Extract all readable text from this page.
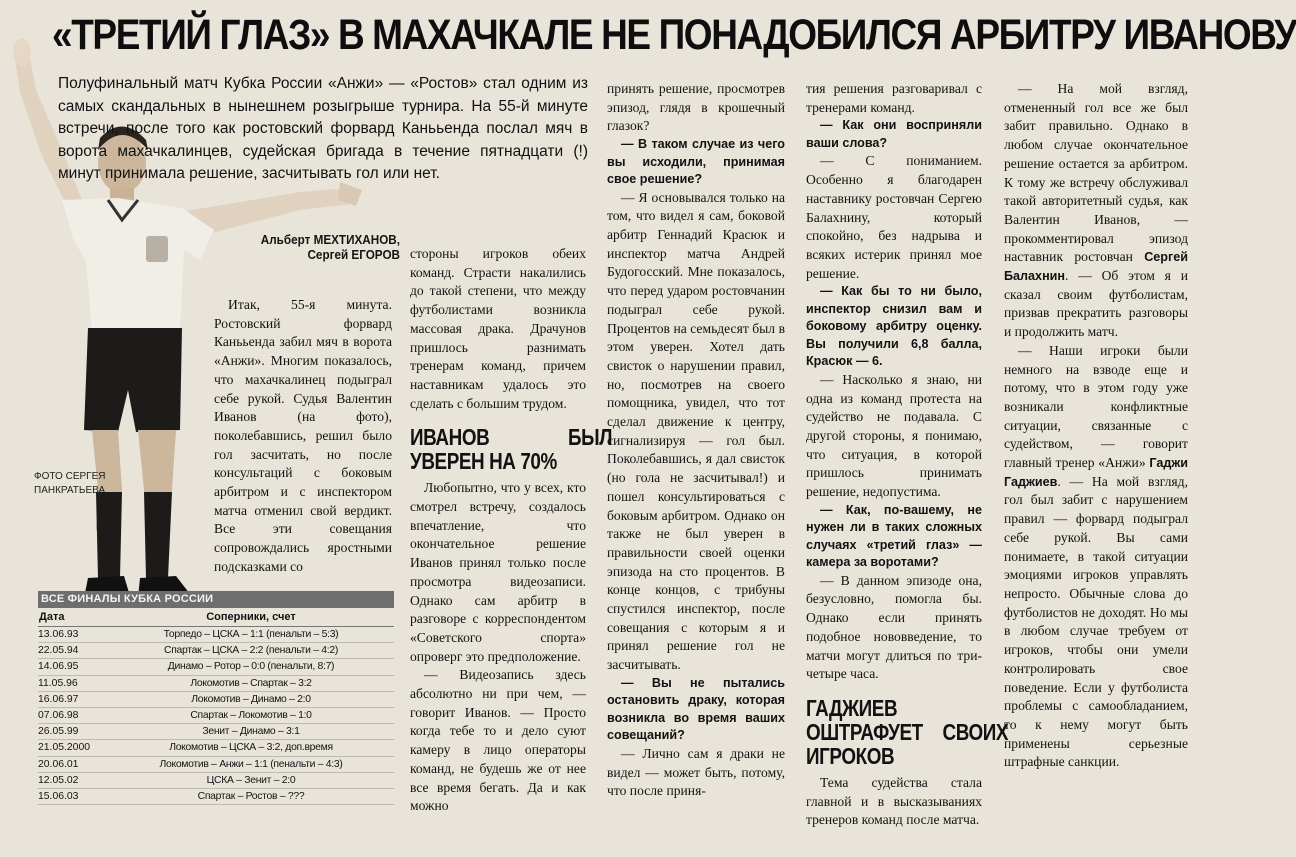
«ТРЕТИЙ ГЛАЗ» В МАХАЧКАЛЕ НЕ ПОНАДОБИЛСЯ АРБИТРУ ИВАНОВУ
ФОТО СЕРГЕЯ ПАНКРАТЬЕВА
Полуфинальный матч Кубка России «Анжи» — «Ростов» стал одним из самых скандальных в нынешнем розыгрыше турнира. На 55-й минуте встречи, после того как ростовский форвард Канььенда послал мяч в ворота махачкалинцев, судейская бригада в течение пятнадцати (!) минут принимала решение, засчитывать гол или нет.
Альберт МЕХТИХАНОВ,
Сергей ЕГОРОВ

Итак, 55-я минута. Ростовский форвард Канььенда забил мяч в ворота «Анжи». Многим показалось, что махачкалинец подыграл себе рукой. Судья Валентин Иванов (на фото), поколебавшись, решил было гол засчитать, но после консультаций с боковым арбитром и с инспектором матча отменил свой вердикт. Все эти совещания сопровождались яростными подсказками со

стороны игроков обеих команд. Страсти накалились до такой степени, что между футболистами возникла массовая драка. Драчунов пришлось разнимать тренерам команд, причем наставникам удалось это сделать с большим трудом.

ИВАНОВ БЫЛ УВЕРЕН НА 70%

Любопытно, что у всех, кто смотрел встречу, создалось впечатление, что окончательное решение Иванов принял только после просмотра видеозаписи. Однако сам арбитр в разговоре с корреспондентом «Советского спорта» опроверг это предположение.

— Видеозапись здесь абсолютно ни при чем, — говорит Иванов. — Просто когда тебе то и дело суют камеру в лицо операторы команд, не будешь же от нее все время бегать. Да и как можно

принять решение, просмотрев эпизод, глядя в крошечный глазок?

— В таком случае из чего вы исходили, принимая свое решение?

— Я основывался только на том, что видел я сам, боковой арбитр Геннадий Красюк и инспектор матча Андрей Будогосский. Мне показалось, что перед ударом ростовчанин подыграл себе рукой. Процентов на семьдесят был в этом уверен. Хотел дать свисток о нарушении правил, но, посмотрев на своего помощника, увидел, что тот сделал движение к центру, сигнализируя — гол был. Поколебавшись, я дал свисток (но гола не засчитывал!) и пошел консультироваться с боковым арбитром. Однако он также не был уверен в правильности своей оценки эпизода на сто процентов. В конце концов, с трибуны спустился инспектор, после совещания с которым я и принял решение гол не засчитывать.

— Вы не пытались остановить драку, которая возникла во время ваших совещаний?

— Лично сам я драки не видел — может быть, потому, что после приня-

тия решения разговаривал с тренерами команд.

— Как они восприняли ваши слова?

— С пониманием. Особенно я благодарен наставнику ростовчан Сергею Балахнину, который спокойно, без надрыва и всяких истерик принял мое решение.

— Как бы то ни было, инспектор снизил вам и боковому арбитру оценку. Вы получили 6,8 балла, Красюк — 6.

— Насколько я знаю, ни одна из команд протеста на судейство не подавала. С другой стороны, я понимаю, что ситуация, в которой пришлось принимать решение, недопустима.

— Как, по-вашему, не нужен ли в таких сложных случаях «третий глаз» — камера за воротами?

— В данном эпизоде она, безусловно, помогла бы. Однако если принять подобное нововведение, то матчи могут длиться по три-четыре часа.

ГАДЖИЕВ ОШТРАФУЕТ СВОИХ ИГРОКОВ

Тема судейства стала главной и в высказываниях тренеров команд после матча.

— На мой взгляд, отмененный гол все же был забит правильно. Однако в любом случае окончательное решение остается за арбитром. К тому же встречу обслуживал такой авторитетный судья, как Валентин Иванов, — прокомментировал эпизод наставник ростовчан Сергей Балахнин. — Об этом я и сказал своим футболистам, призвав прекратить разговоры и продолжить матч.

— Наши игроки были немного на взводе еще и потому, что в этом году уже возникали конфликтные ситуации, связанные с судейством, — говорит главный тренер «Анжи» Гаджи Гаджиев. — На мой взгляд, гол был забит с нарушением правил — форвард подыграл себе рукой. Вы сами понимаете, в такой ситуации эмоциями игроков управлять непросто. Обычные слова до футболистов не доходят. Но мы в любом случае требуем от игроков, чтобы они умели контролировать свое поведение. Если у футболиста проблемы с самообладанием, то к нему могут быть применены серьезные штрафные санкции.

ВСЕ ФИНАЛЫ КУБКА РОССИИ
Дата	Соперники, счет
13.06.93	Торпедо – ЦСКА – 1:1 (пенальти – 5:3)
22.05.94	Спартак – ЦСКА – 2:2 (пенальти – 4:2)
14.06.95	Динамо – Ротор – 0:0 (пенальти, 8:7)
11.05.96	Локомотив – Спартак – 3:2
16.06.97	Локомотив – Динамо – 2:0
07.06.98	Спартак – Локомотив – 1:0
26.05.99	Зенит – Динамо – 3:1
21.05.2000	Локомотив – ЦСКА – 3:2, доп.время
20.06.01	Локомотив – Анжи – 1:1 (пенальти – 4:3)
12.05.02	ЦСКА – Зенит – 2:0
15.06.03	Спартак – Ростов – ???
